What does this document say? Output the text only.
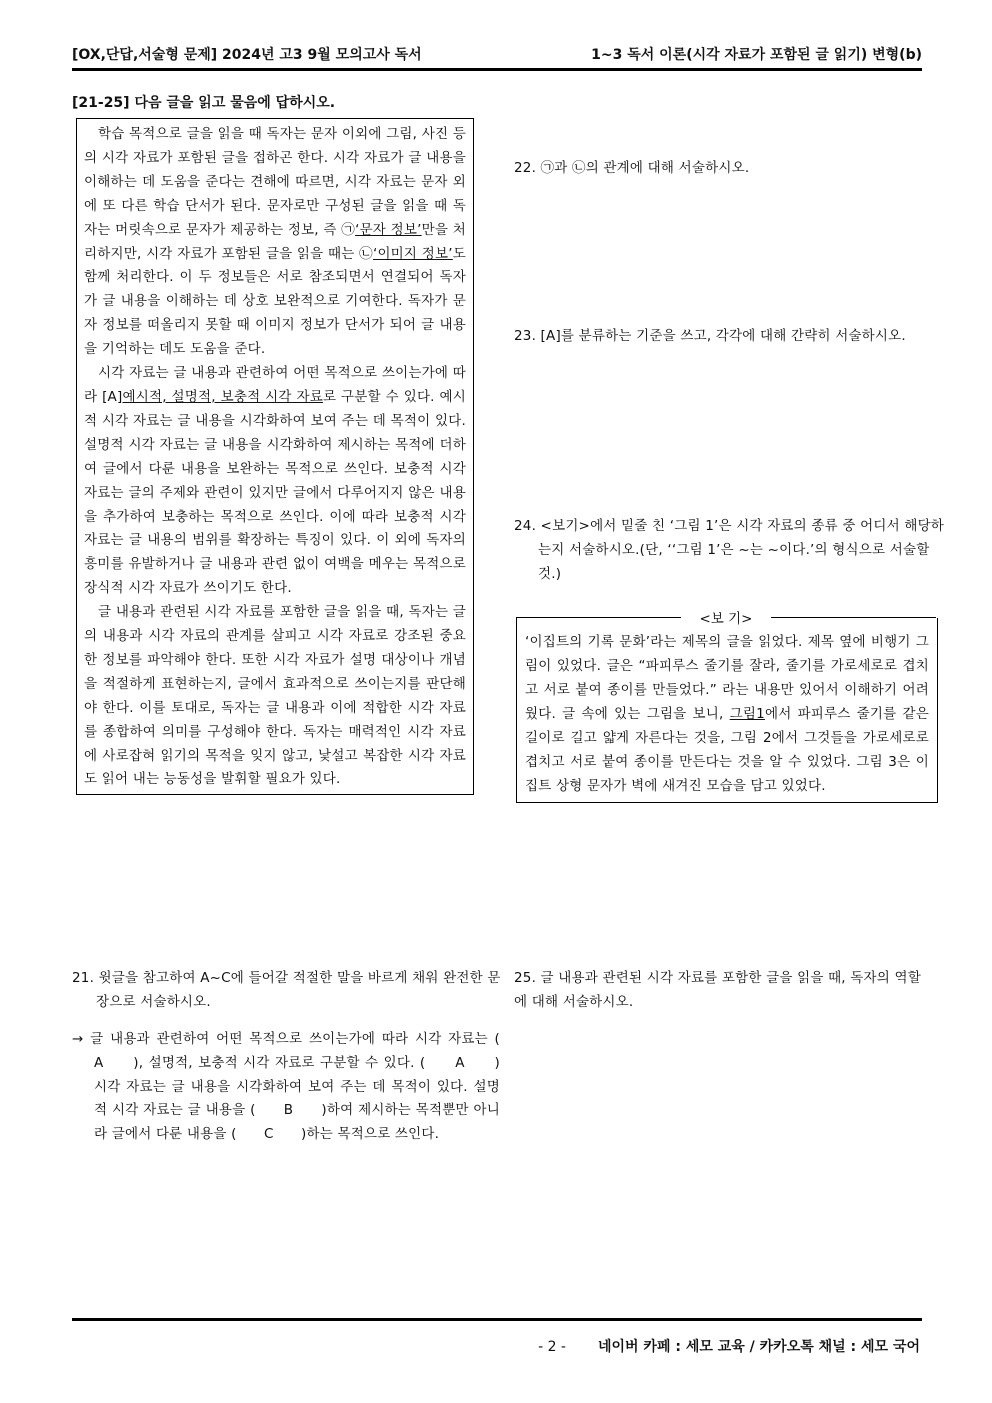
[OX,단답,서술형 문제] 2024년 고3 9월 모의고사 독서	1~3 독서 이론(시각 자료가 포함된 글 읽기) 변형(b)
[21-25] 다음 글을 읽고 물음에 답하시오.

학습 목적으로 글을 읽을 때 독자는 문자 이외에 그림, 사진 등의 시각 자료가 포함된 글을 접하곤 한다. 시각 자료가 글 내용을 이해하는 데 도움을 준다는 견해에 따르면, 시각 자료는 문자 외에 또 다른 학습 단서가 된다. 문자로만 구성된 글을 읽을 때 독자는 머릿속으로 문자가 제공하는 정보, 즉 ㉠‘문자 정보’만을 처리하지만, 시각 자료가 포함된 글을 읽을 때는 ㉡‘이미지 정보’도 함께 처리한다. 이 두 정보들은 서로 참조되면서 연결되어 독자가 글 내용을 이해하는 데 상호 보완적으로 기여한다. 독자가 문자 정보를 떠올리지 못할 때 이미지 정보가 단서가 되어 글 내용을 기억하는 데도 도움을 준다.

시각 자료는 글 내용과 관련하여 어떤 목적으로 쓰이는가에 따라 [A]예시적, 설명적, 보충적 시각 자료로 구분할 수 있다. 예시적 시각 자료는 글 내용을 시각화하여 보여 주는 데 목적이 있다. 설명적 시각 자료는 글 내용을 시각화하여 제시하는 목적에 더하여 글에서 다룬 내용을 보완하는 목적으로 쓰인다. 보충적 시각 자료는 글의 주제와 관련이 있지만 글에서 다루어지지 않은 내용을 추가하여 보충하는 목적으로 쓰인다. 이에 따라 보충적 시각 자료는 글 내용의 범위를 확장하는 특징이 있다. 이 외에 독자의 흥미를 유발하거나 글 내용과 관련 없이 여백을 메우는 목적으로 장식적 시각 자료가 쓰이기도 한다.

글 내용과 관련된 시각 자료를 포함한 글을 읽을 때, 독자는 글의 내용과 시각 자료의 관계를 살피고 시각 자료로 강조된 중요한 정보를 파악해야 한다. 또한 시각 자료가 설명 대상이나 개념을 적절하게 표현하는지, 글에서 효과적으로 쓰이는지를 판단해야 한다. 이를 토대로, 독자는 글 내용과 이에 적합한 시각 자료를 종합하여 의미를 구성해야 한다. 독자는 매력적인 시각 자료에 사로잡혀 읽기의 목적을 잊지 않고, 낯설고 복잡한 시각 자료도 읽어 내는 능동성을 발휘할 필요가 있다.

22. ㉠과 ㉡의 관계에 대해 서술하시오.
23. [A]를 분류하는 기준을 쓰고, 각각에 대해 간략히 서술하시오.
24. <보기>에서 밑줄 친 ‘그림 1’은 시각 자료의 종류 중 어디서 해당하는지 서술하시오.(단, ‘‘그림 1’은 ~는 ~이다.’의 형식으로 서술할 것.)
<보 기>
‘이집트의 기록 문화’라는 제목의 글을 읽었다. 제목 옆에 비행기 그림이 있었다. 글은 “파피루스 줄기를 잘라, 줄기를 가로세로로 겹치고 서로 붙여 종이를 만들었다.” 라는 내용만 있어서 이해하기 어려웠다. 글 속에 있는 그림을 보니, 그림1에서 파피루스 줄기를 같은 길이로 길고 얇게 자른다는 것을, 그림 2에서 그것들을 가로세로로 겹치고 서로 붙여 종이를 만든다는 것을 알 수 있었다. 그림 3은 이집트 상형 문자가 벽에 새겨진 모습을 담고 있었다.
21. 윗글을 참고하여 A~C에 들어갈 적절한 말을 바르게 채워 완전한 문장으로 서술하시오.
→ 글 내용과 관련하여 어떤 목적으로 쓰이는가에 따라 시각 자료는 (　　A　　), 설명적, 보충적 시각 자료로 구분할 수 있다. (　　A　　) 시각 자료는 글 내용을 시각화하여 보여 주는 데 목적이 있다. 설명적 시각 자료는 글 내용을 (　　B　　)하여 제시하는 목적뿐만 아니라 글에서 다룬 내용을 (　　C　　)하는 목적으로 쓰인다.
25. 글 내용과 관련된 시각 자료를 포함한 글을 읽을 때, 독자의 역할에 대해 서술하시오.
- 2 - 네이버 카페 : 세모 교육 / 카카오톡 채널 : 세모 국어
